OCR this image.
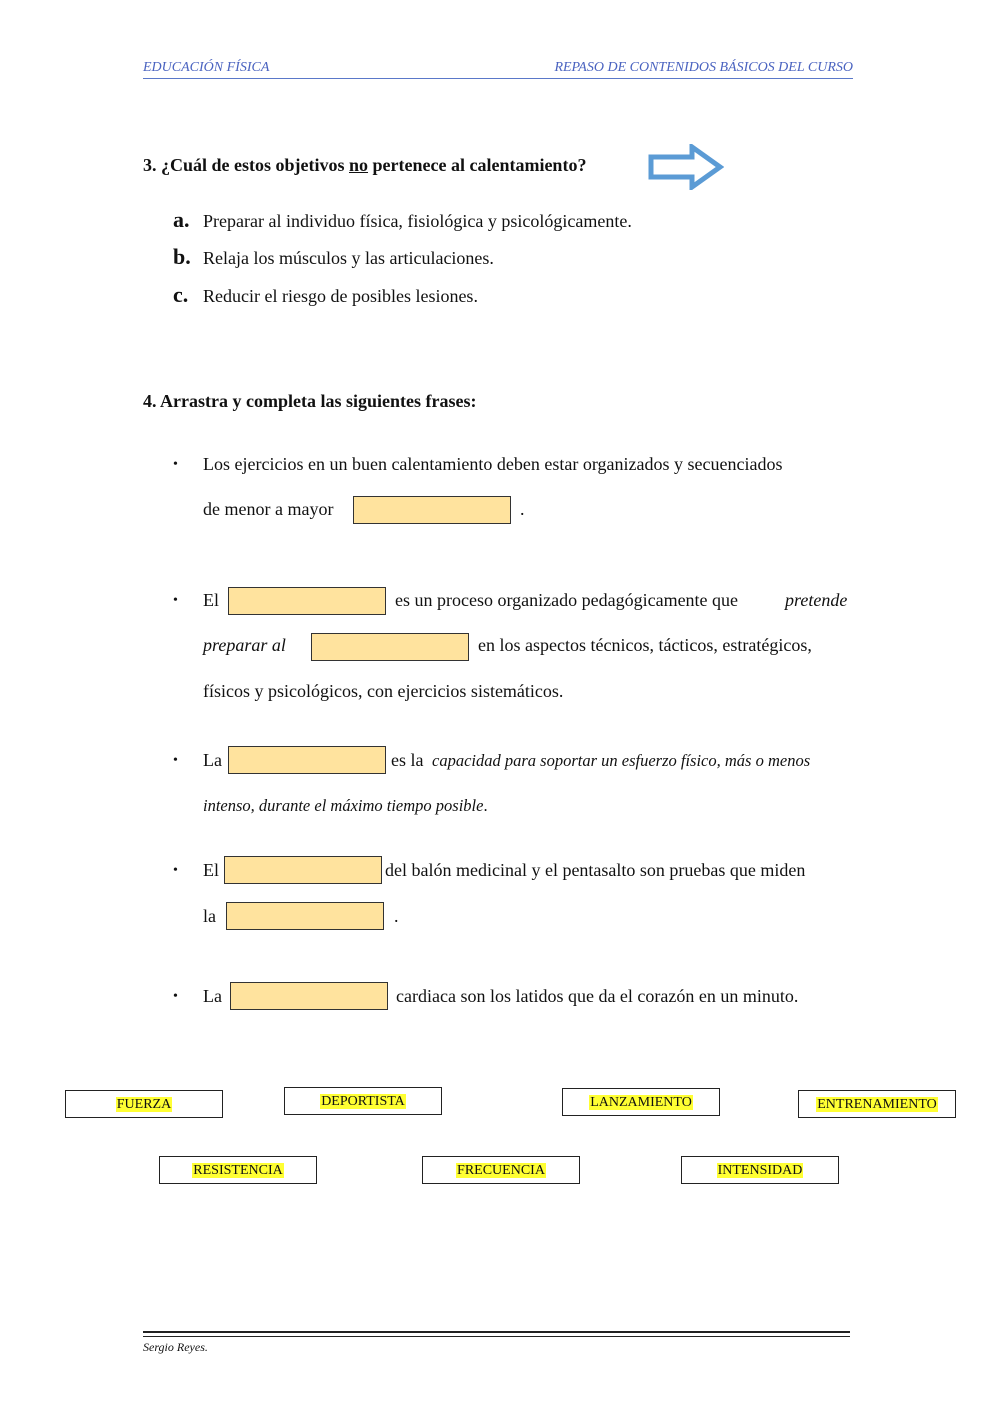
EDUCACIÓN FÍSICA	REPASO DE CONTENIDOS BÁSICOS DEL CURSO
3. ¿Cuál de estos objetivos no pertenece al calentamiento?
a. Preparar al individuo física, fisiológica y psicológicamente.
b. Relaja los músculos y las articulaciones.
c. Reducir el riesgo de posibles lesiones.
4. Arrastra y completa las siguientes frases:
• Los ejercicios en un buen calentamiento deben estar organizados y secuenciados
de menor a mayor	.
• El	es un proceso organizado pedagógicamente que	pretende
preparar al	en los aspectos técnicos, tácticos, estratégicos,
físicos y psicológicos, con ejercicios sistemáticos.
• La	es la capacidad para soportar un esfuerzo físico, más o menos
intenso, durante el máximo tiempo posible.
• El	del balón medicinal y el pentasalto son pruebas que miden
la	.
• La	cardiaca son los latidos que da el corazón en un minuto.
FUERZA	DEPORTISTA	LANZAMIENTO	ENTRENAMIENTO
RESISTENCIA	FRECUENCIA	INTENSIDAD
Sergio Reyes.
